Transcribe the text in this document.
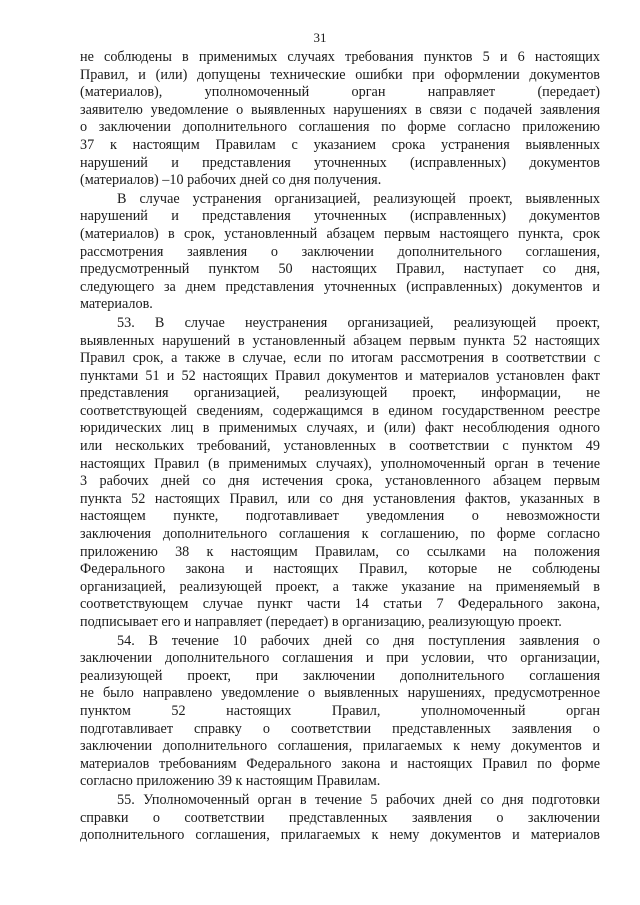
31
не соблюдены в применимых случаях требования пунктов 5 и 6 настоящих
Правил, и (или) допущены технические ошибки при оформлении документов
(материалов), уполномоченный орган направляет (передает)
заявителю уведомление о выявленных нарушениях в связи с подачей заявления
о заключении дополнительного соглашения по форме согласно приложению
37 к настоящим Правилам с указанием срока устранения выявленных
нарушений и представления уточненных (исправленных) документов
(материалов) –10 рабочих дней со дня получения.
В случае устранения организацией, реализующей проект, выявленных
нарушений и представления уточненных (исправленных) документов
(материалов) в срок, установленный абзацем первым настоящего пункта, срок
рассмотрения заявления о заключении дополнительного соглашения,
предусмотренный пунктом 50 настоящих Правил, наступает со дня,
следующего за днем представления уточненных (исправленных) документов и
материалов.
53. В случае неустранения организацией, реализующей проект,
выявленных нарушений в установленный абзацем первым пункта 52 настоящих
Правил срок, а также в случае, если по итогам рассмотрения в соответствии с
пунктами 51 и 52 настоящих Правил документов и материалов установлен факт
представления организацией, реализующей проект, информации, не
соответствующей сведениям, содержащимся в едином государственном реестре
юридических лиц в применимых случаях, и (или) факт несоблюдения одного
или нескольких требований, установленных в соответствии с пунктом 49
настоящих Правил (в применимых случаях), уполномоченный орган в течение
3 рабочих дней со дня истечения срока, установленного абзацем первым
пункта 52 настоящих Правил, или со дня установления фактов, указанных в
настоящем пункте, подготавливает уведомления о невозможности
заключения дополнительного соглашения к соглашению, по форме согласно
приложению 38 к настоящим Правилам, со ссылками на положения
Федерального закона и настоящих Правил, которые не соблюдены
организацией, реализующей проект, а также указание на применяемый в
соответствующем случае пункт части 14 статьи 7 Федерального закона,
подписывает его и направляет (передает) в организацию, реализующую проект.
54. В течение 10 рабочих дней со дня поступления заявления о
заключении дополнительного соглашения и при условии, что организации,
реализующей проект, при заключении дополнительного соглашения
не было направлено уведомление о выявленных нарушениях, предусмотренное
пунктом 52 настоящих Правил, уполномоченный орган
подготавливает справку о соответствии представленных заявления о
заключении дополнительного соглашения, прилагаемых к нему документов и
материалов требованиям Федерального закона и настоящих Правил по форме
согласно приложению 39 к настоящим Правилам.
55. Уполномоченный орган в течение 5 рабочих дней со дня подготовки
справки о соответствии представленных заявления о заключении
дополнительного соглашения, прилагаемых к нему документов и материалов
